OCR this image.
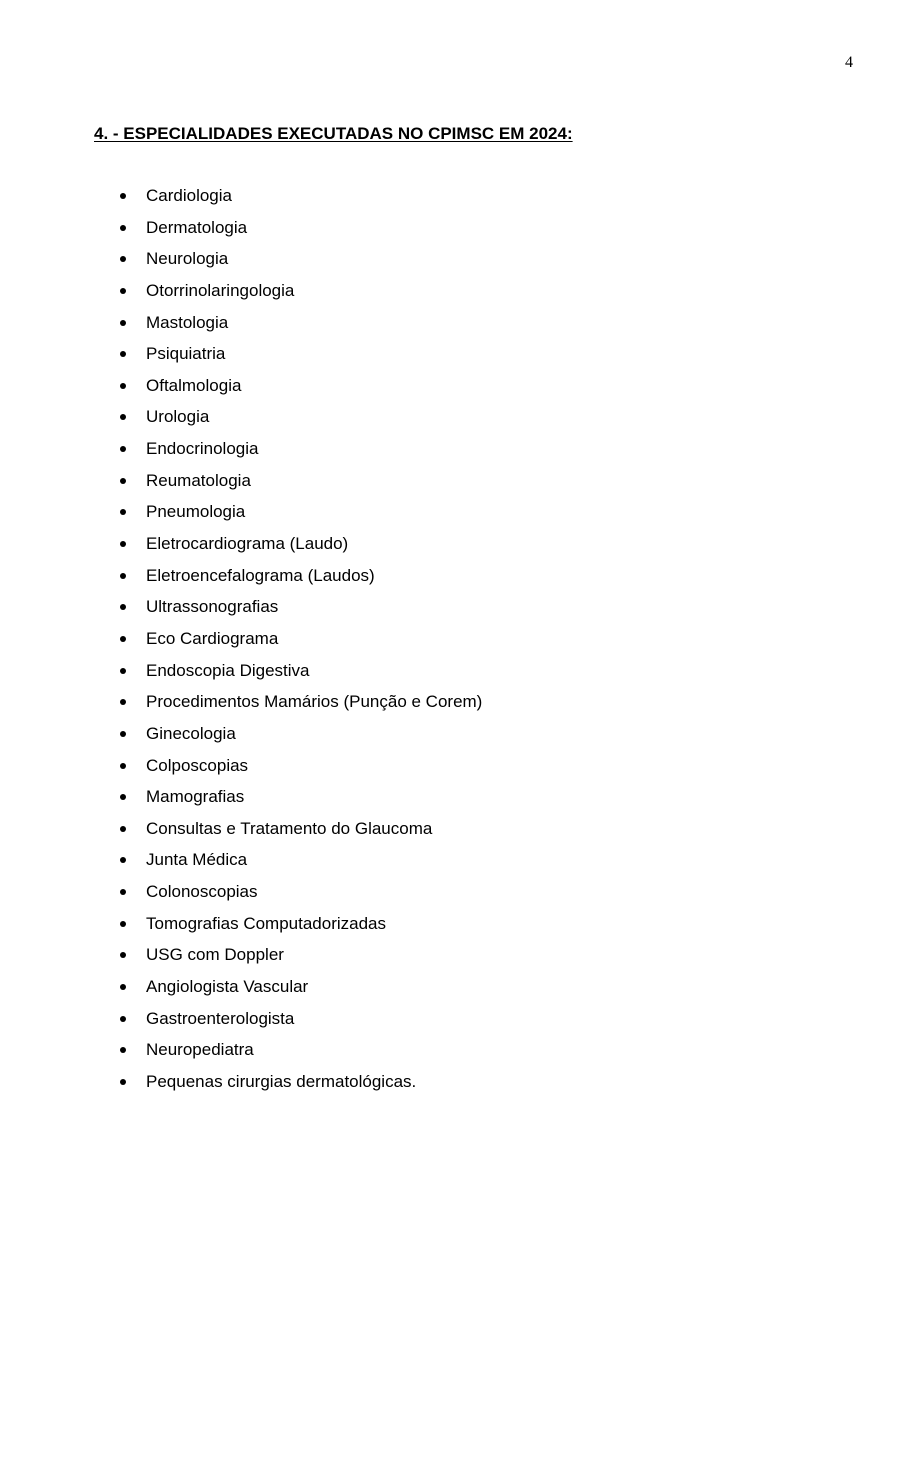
4
4. - ESPECIALIDADES EXECUTADAS NO CPIMSC EM 2024:
Cardiologia
Dermatologia
Neurologia
Otorrinolaringologia
Mastologia
Psiquiatria
Oftalmologia
Urologia
Endocrinologia
Reumatologia
Pneumologia
Eletrocardiograma (Laudo)
Eletroencefalograma (Laudos)
Ultrassonografias
Eco Cardiograma
Endoscopia Digestiva
Procedimentos Mamários (Punção e Corem)
Ginecologia
Colposcopias
Mamografias
Consultas e Tratamento do Glaucoma
Junta Médica
Colonoscopias
Tomografias Computadorizadas
USG com Doppler
Angiologista Vascular
Gastroenterologista
Neuropediatra
Pequenas cirurgias dermatológicas.
